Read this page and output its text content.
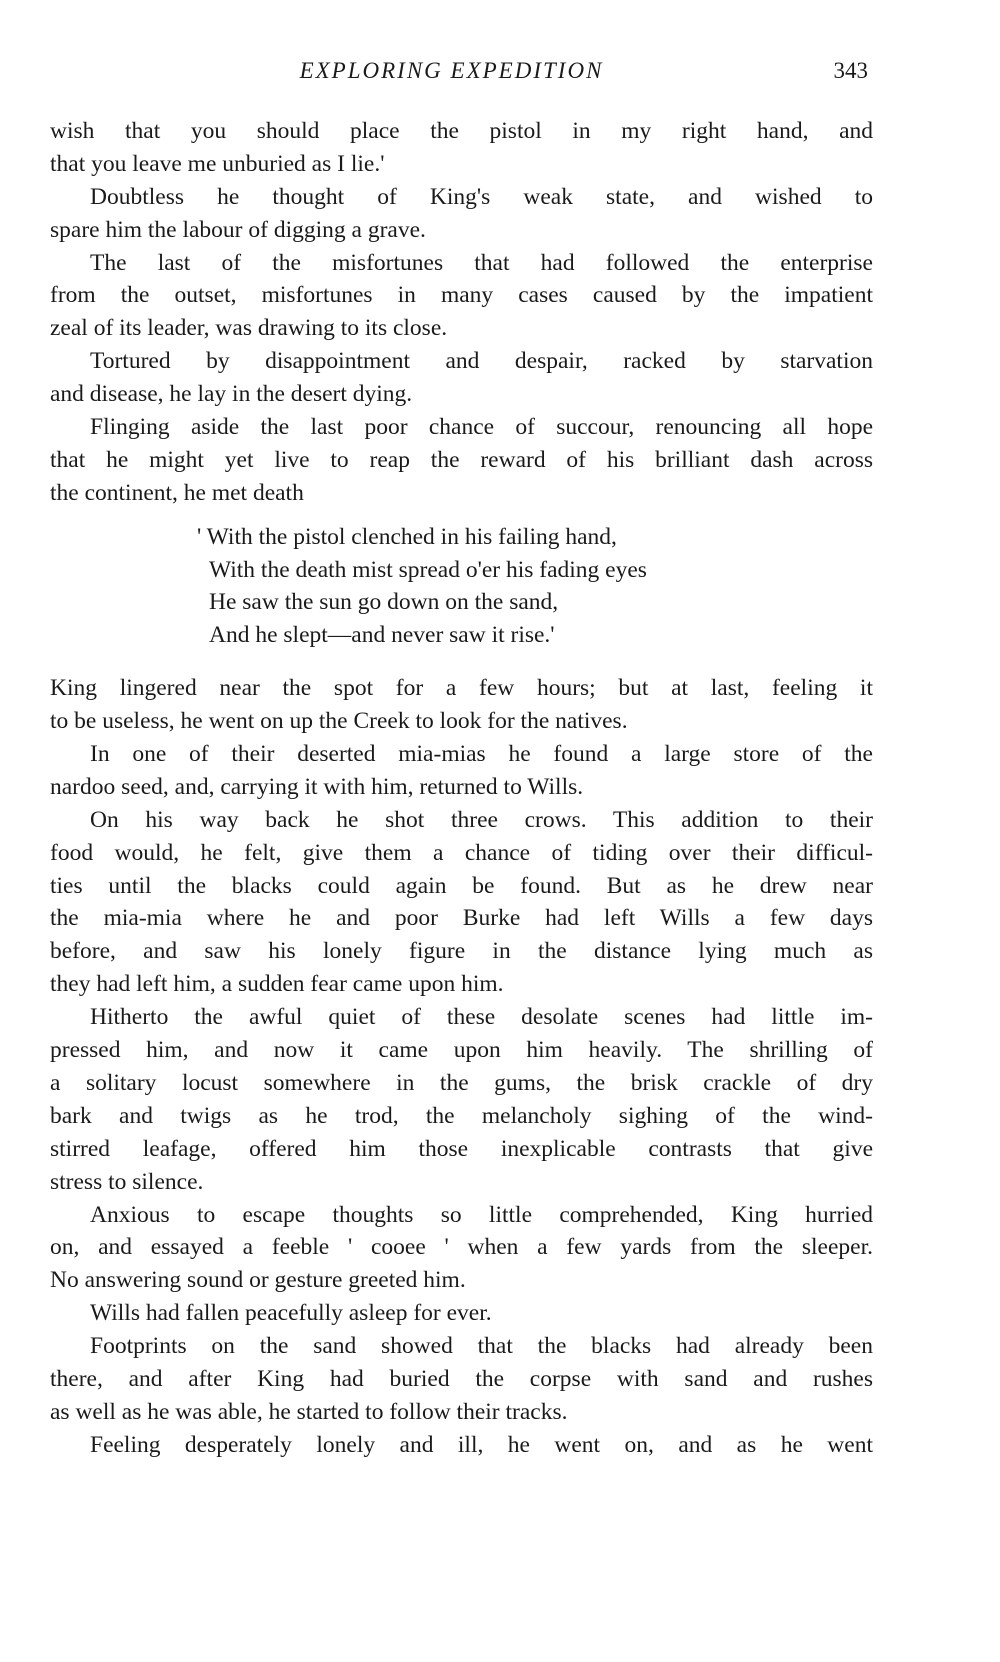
EXPLORING EXPEDITION	343
wish that you should place the pistol in my right hand, and
that you leave me unburied as I lie.'
Doubtless he thought of King's weak state, and wished to
spare him the labour of digging a grave.
The last of the misfortunes that had followed the enterprise
from the outset, misfortunes in many cases caused by the impatient
zeal of its leader, was drawing to its close.
Tortured by disappointment and despair, racked by starvation
and disease, he lay in the desert dying.
Flinging aside the last poor chance of succour, renouncing all hope
that he might yet live to reap the reward of his brilliant dash across
the continent, he met death
' With the pistol clenched in his failing hand,
With the death mist spread o'er his fading eyes
He saw the sun go down on the sand,
And he slept—and never saw it rise.'
King lingered near the spot for a few hours; but at last, feeling it
to be useless, he went on up the Creek to look for the natives.
In one of their deserted mia-mias he found a large store of the
nardoo seed, and, carrying it with him, returned to Wills.
On his way back he shot three crows. This addition to their
food would, he felt, give them a chance of tiding over their difficul-
ties until the blacks could again be found. But as he drew near
the mia-mia where he and poor Burke had left Wills a few days
before, and saw his lonely figure in the distance lying much as
they had left him, a sudden fear came upon him.
Hitherto the awful quiet of these desolate scenes had little im-
pressed him, and now it came upon him heavily. The shrilling of
a solitary locust somewhere in the gums, the brisk crackle of dry
bark and twigs as he trod, the melancholy sighing of the wind-
stirred leafage, offered him those inexplicable contrasts that give
stress to silence.
Anxious to escape thoughts so little comprehended, King hurried
on, and essayed a feeble ' cooee ' when a few yards from the sleeper.
No answering sound or gesture greeted him.
Wills had fallen peacefully asleep for ever.
Footprints on the sand showed that the blacks had already been
there, and after King had buried the corpse with sand and rushes
as well as he was able, he started to follow their tracks.
Feeling desperately lonely and ill, he went on, and as he went
